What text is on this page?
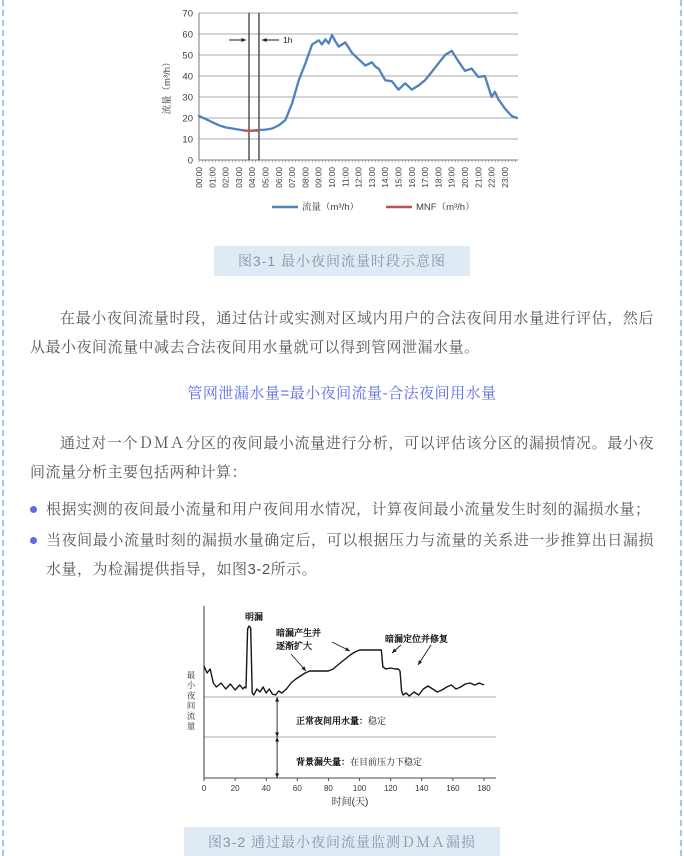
0
10
20
30
40
50
60
70
00:00 01:00 02:00 03:00 04:00 05:00 06:00 07:00 08:00 09:00 10:00 11:00 12:00 13:00 14:00 15:00 16:00 17:00 18:00 19:00 20:00 21:00 22:00 23:00
1h
流量（m³/h）
流量（m³/h）	MNF（m³/h）
图3-1 最小夜间流量时段示意图

在最小夜间流量时段，通过估计或实测对区域内用户的合法夜间用水量进行评估，然后从最小夜间流量中减去合法夜间用水量就可以得到管网泄漏水量。

管网泄漏水量=最小夜间流量-合法夜间用水量

通过对一个ＤＭＡ分区的夜间最小流量进行分析，可以评估该分区的漏损情况。最小夜间流量分析主要包括两种计算：

根据实测的夜间最小流量和用户夜间用水情况，计算夜间最小流量发生时刻的漏损水量；
当夜间最小流量时刻的漏损水量确定后，可以根据压力与流量的关系进一步推算出日漏损水量，为检漏提供指导，如图3-2所示。
0	20	40	60	80 100 120 140 160 180
时间(天)
最
小
夜
间
流
量
明漏
暗漏产生并
逐渐扩大
暗漏定位并修复
正常夜间用水量：稳定
背景漏失量：在目前压力下稳定
图3-2 通过最小夜间流量监测ＤＭＡ漏损
